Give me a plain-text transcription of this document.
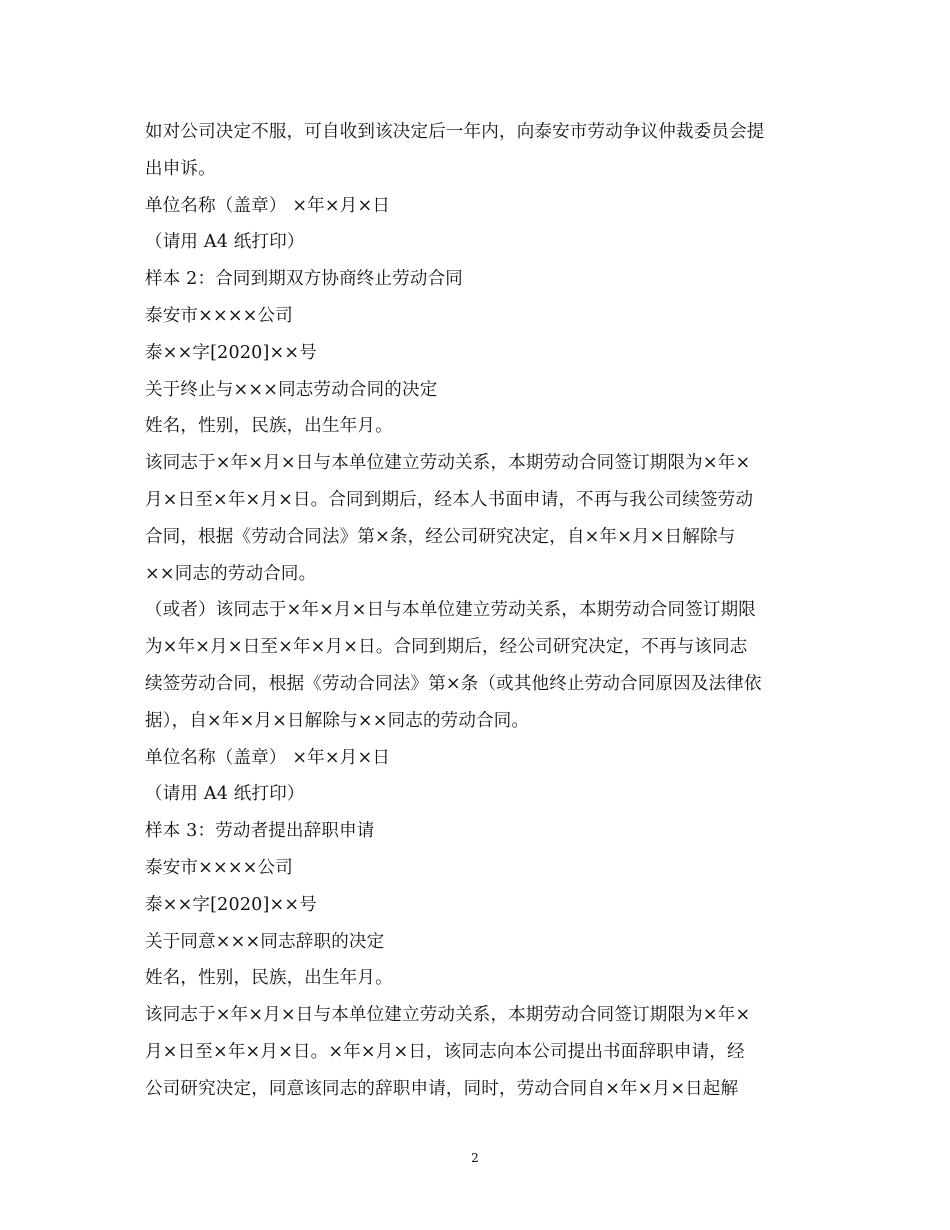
如对公司决定不服，可自收到该决定后一年内，向泰安市劳动争议仲裁委员会提
出申诉。
单位名称（盖章） ×年×月×日
（请用 A4 纸打印）
样本 2：合同到期双方协商终止劳动合同
泰安市××××公司
泰××字[2020]××号
关于终止与×××同志劳动合同的决定
姓名，性别，民族，出生年月。
该同志于×年×月×日与本单位建立劳动关系，本期劳动合同签订期限为×年×
月×日至×年×月×日。合同到期后，经本人书面申请，不再与我公司续签劳动
合同，根据《劳动合同法》第×条，经公司研究决定，自×年×月×日解除与
××同志的劳动合同。
（或者）该同志于×年×月×日与本单位建立劳动关系，本期劳动合同签订期限
为×年×月×日至×年×月×日。合同到期后，经公司研究决定，不再与该同志
续签劳动合同，根据《劳动合同法》第×条（或其他终止劳动合同原因及法律依
据），自×年×月×日解除与××同志的劳动合同。
单位名称（盖章） ×年×月×日
（请用 A4 纸打印）
样本 3：劳动者提出辞职申请
泰安市××××公司
泰××字[2020]××号
关于同意×××同志辞职的决定
姓名，性别，民族，出生年月。
该同志于×年×月×日与本单位建立劳动关系，本期劳动合同签订期限为×年×
月×日至×年×月×日。×年×月×日，该同志向本公司提出书面辞职申请，经
公司研究决定，同意该同志的辞职申请，同时，劳动合同自×年×月×日起解
2
